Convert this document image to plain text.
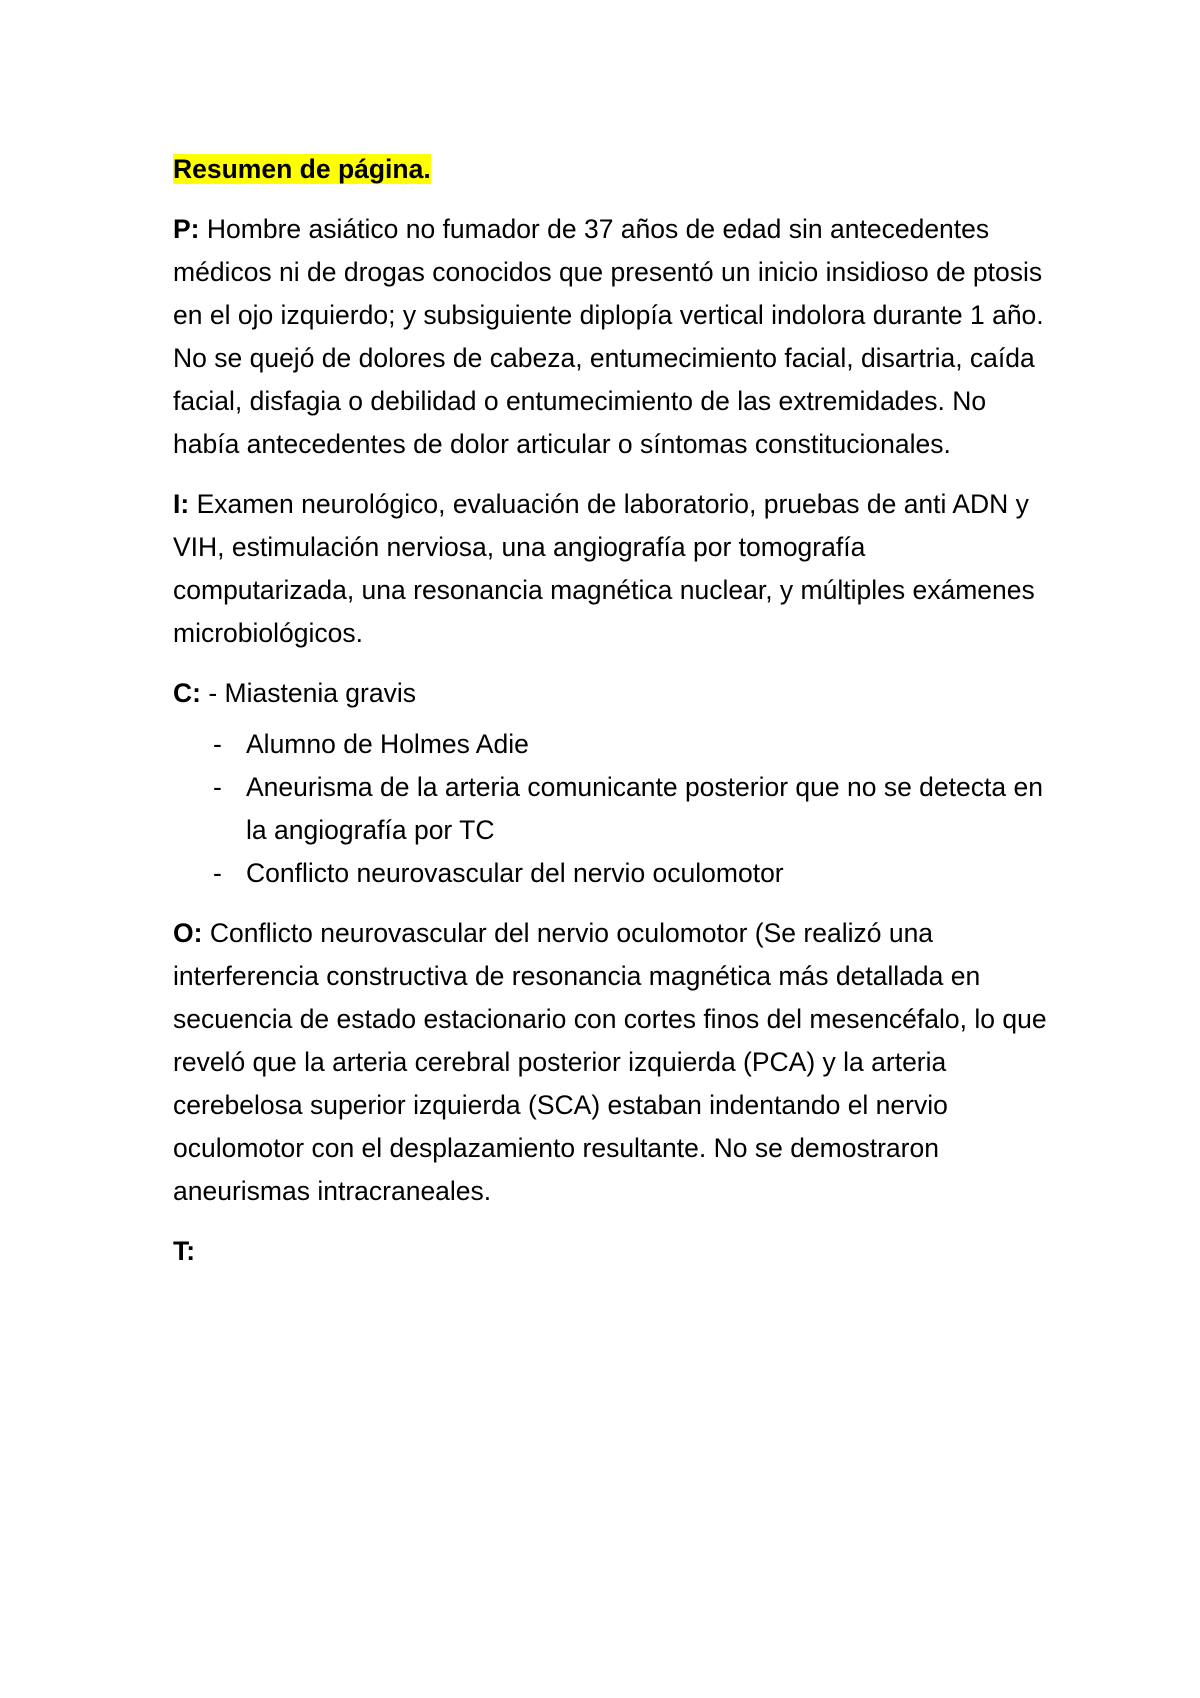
Resumen de página.
P: Hombre asiático no fumador de 37 años de edad sin antecedentes médicos ni de drogas conocidos que presentó un inicio insidioso de ptosis en el ojo izquierdo; y subsiguiente diplopía vertical indolora durante 1 año. No se quejó de dolores de cabeza, entumecimiento facial, disartria, caída facial, disfagia o debilidad o entumecimiento de las extremidades. No había antecedentes de dolor articular o síntomas constitucionales.
I: Examen neurológico, evaluación de laboratorio, pruebas de anti ADN y VIH, estimulación nerviosa, una angiografía por tomografía computarizada, una resonancia magnética nuclear, y múltiples exámenes microbiológicos.
C: - Miastenia gravis
- Alumno de Holmes Adie
- Aneurisma de la arteria comunicante posterior que no se detecta en la angiografía por TC
- Conflicto neurovascular del nervio oculomotor
O: Conflicto neurovascular del nervio oculomotor (Se realizó una interferencia constructiva de resonancia magnética más detallada en secuencia de estado estacionario con cortes finos del mesencéfalo, lo que reveló que la arteria cerebral posterior izquierda (PCA) y la arteria cerebelosa superior izquierda (SCA) estaban indentando el nervio oculomotor con el desplazamiento resultante. No se demostraron aneurismas intracraneales.
T:
